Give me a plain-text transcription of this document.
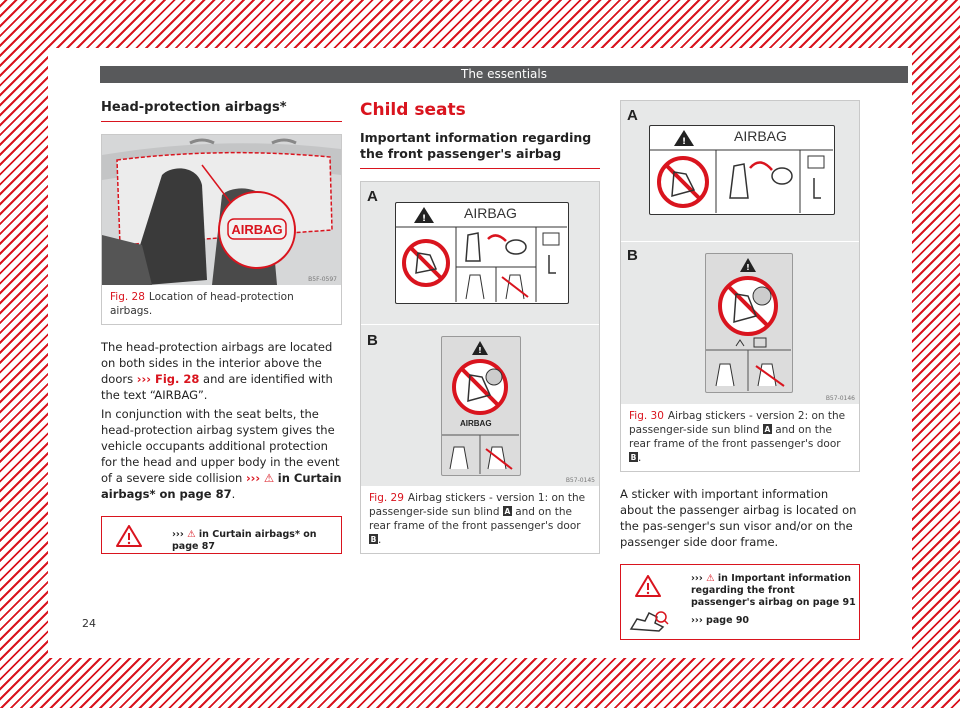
The essentials
Head-protection airbags*
AIRBAG
B5F-0597
Fig. 28 Location of head-protection airbags.

The head-protection airbags are located on both sides in the interior above the doors ››› Fig. 28 and are identified with the text “AIRBAG”.

In conjunction with the seat belts, the head-protection airbag system gives the vehicle occupants additional protection for the head and upper body in the event of a severe side collision ››› ⚠ in Curtain airbags* on page 87.

››› ⚠ in Curtain airbags* on page 87
Child seats
Important information regarding the front passenger's airbag
A
B
!	AIRBAG
!
AIRBAG
B57-0145
Fig. 29 Airbag stickers - version 1: on the passenger-side sun blind A and on the rear frame of the front passenger's door B .
A
B
!	AIRBAG
!
B57-0146
Fig. 30 Airbag stickers - version 2: on the passenger-side sun blind A and on the rear frame of the front passenger's door B .

A sticker with important information about the passenger airbag is located on the pas-senger's sun visor and/or on the passenger side door frame.

››› ⚠ in Important information regarding the front passenger's airbag on page 91
››› page 90
24
